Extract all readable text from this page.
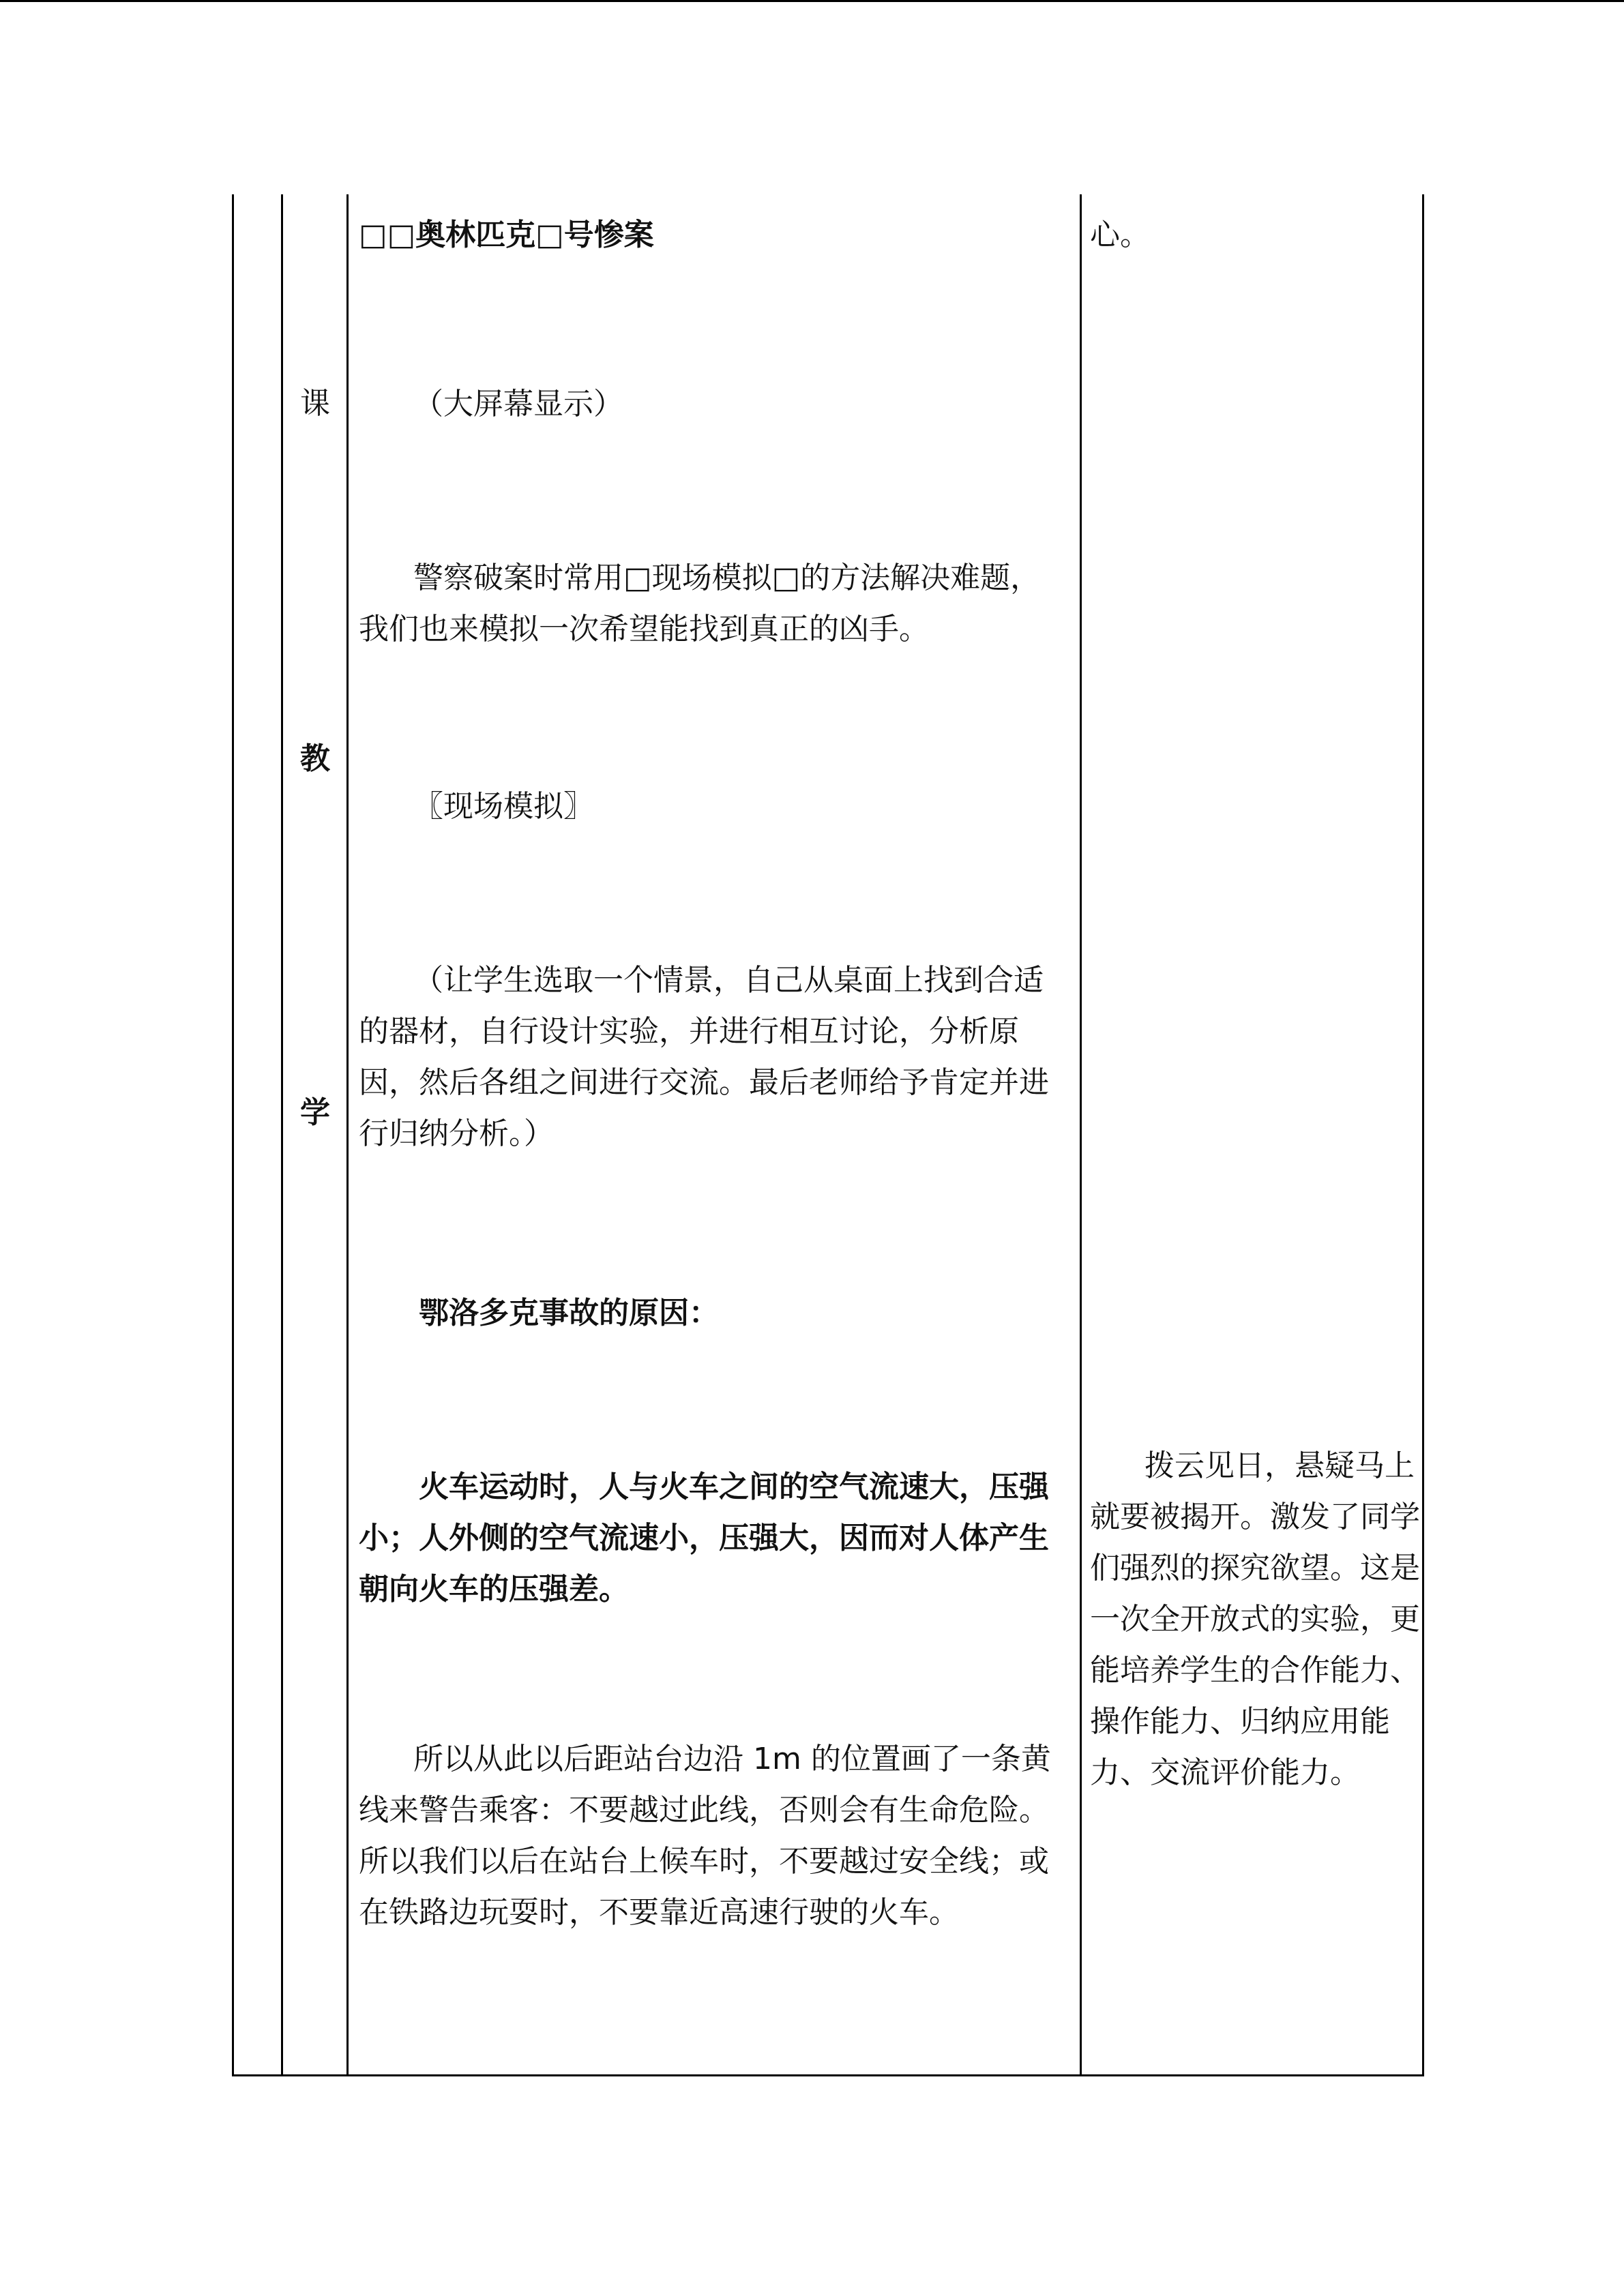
课
教
学

□□奥林匹克□号惨案

（大屏幕显示）

警察破案时常用□现场模拟□的方法解决难题，我们也来模拟一次希望能找到真正的凶手。

〖现场模拟〗

（让学生选取一个情景，自己从桌面上找到合适的器材，自行设计实验，并进行相互讨论，分析原因，然后各组之间进行交流。最后老师给予肯定并进行归纳分析。）

鄂洛多克事故的原因：

火车运动时，人与火车之间的空气流速大，压强小；人外侧的空气流速小，压强大，因而对人体产生朝向火车的压强差。

所以从此以后距站台边沿 1m 的位置画了一条黄线来警告乘客：不要越过此线，否则会有生命危险。所以我们以后在站台上候车时，不要越过安全线；或在铁路边玩耍时，不要靠近高速行驶的火车。

心。

拨云见日，悬疑马上就要被揭开。激发了同学们强烈的探究欲望。这是一次全开放式的实验，更能培养学生的合作能力、操作能力、归纳应用能力、交流评价能力。
